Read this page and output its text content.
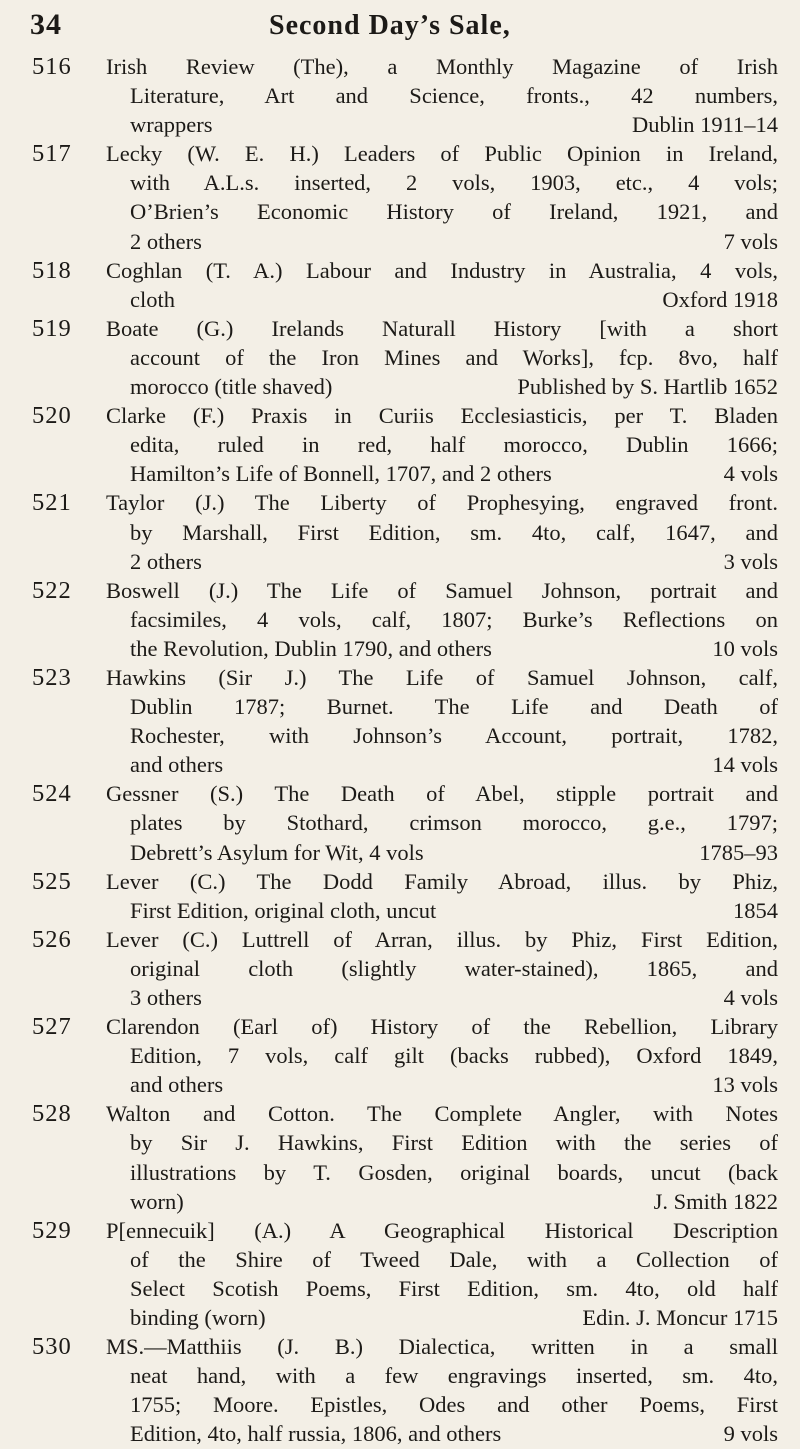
34	Second Day’s Sale,
516 Irish Review (The), a Monthly Magazine of Irish
Literature, Art and Science, fronts., 42 numbers,
wrappers	Dublin 1911–14
517 Lecky (W. E. H.) Leaders of Public Opinion in Ireland,
with A.L.s. inserted, 2 vols, 1903, etc., 4 vols;
O’Brien’s Economic History of Ireland, 1921, and
2 others	7 vols
518 Coghlan (T. A.) Labour and Industry in Australia, 4 vols,
cloth	Oxford 1918
519 Boate (G.) Irelands Naturall History [with a short
account of the Iron Mines and Works], fcp. 8vo, half
morocco (title shaved)	Published by S. Hartlib 1652
520 Clarke (F.) Praxis in Curiis Ecclesiasticis, per T. Bladen
edita, ruled in red, half morocco, Dublin 1666;
Hamilton’s Life of Bonnell, 1707, and 2 others	4 vols
521 Taylor (J.) The Liberty of Prophesying, engraved front.
by Marshall, First Edition, sm. 4to, calf, 1647, and
2 others	3 vols
522 Boswell (J.) The Life of Samuel Johnson, portrait and
facsimiles, 4 vols, calf, 1807; Burke’s Reflections on
the Revolution, Dublin 1790, and others	10 vols
523 Hawkins (Sir J.) The Life of Samuel Johnson, calf,
Dublin 1787; Burnet. The Life and Death of
Rochester, with Johnson’s Account, portrait, 1782,
and others	14 vols
524 Gessner (S.) The Death of Abel, stipple portrait and
plates by Stothard, crimson morocco, g.e., 1797;
Debrett’s Asylum for Wit, 4 vols	1785–93
525 Lever (C.) The Dodd Family Abroad, illus. by Phiz,
First Edition, original cloth, uncut	1854
526 Lever (C.) Luttrell of Arran, illus. by Phiz, First Edition,
original cloth (slightly water-stained), 1865, and
3 others	4 vols
527 Clarendon (Earl of) History of the Rebellion, Library
Edition, 7 vols, calf gilt (backs rubbed), Oxford 1849,
and others	13 vols
528 Walton and Cotton. The Complete Angler, with Notes
by Sir J. Hawkins, First Edition with the series of
illustrations by T. Gosden, original boards, uncut (back
worn)	J. Smith 1822
529 P[ennecuik] (A.) A Geographical Historical Description
of the Shire of Tweed Dale, with a Collection of
Select Scotish Poems, First Edition, sm. 4to, old half
binding (worn)	Edin. J. Moncur 1715
530 MS.—Matthiis (J. B.) Dialectica, written in a small
neat hand, with a few engravings inserted, sm. 4to,
1755; Moore. Epistles, Odes and other Poems, First
Edition, 4to, half russia, 1806, and others	9 vols
